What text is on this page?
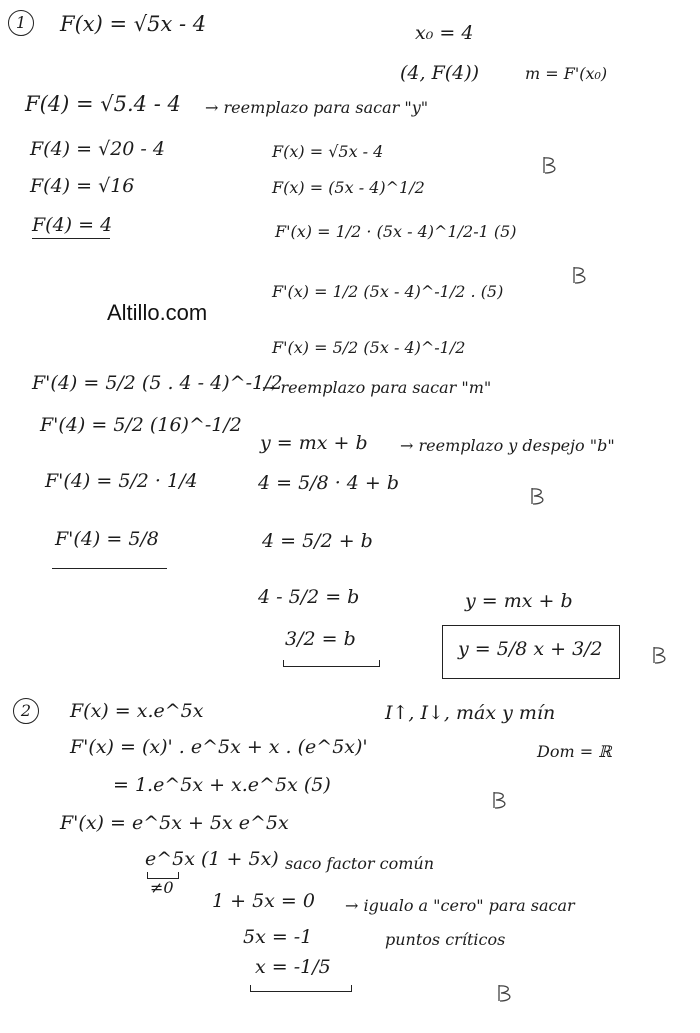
1	F(x) = √5x - 4	x₀ = 4
(4, F(4))	m = F'(x₀)
F(4) = √5.4 - 4 → reemplazo para sacar "y"
F(4) = √20 - 4
F(4) = √16
F(4) = 4
F(x) = √5x - 4
F(x) = (5x - 4)^1/2
F'(x) = 1/2 · (5x - 4)^1/2-1 (5)
F'(x) = 1/2 (5x - 4)^-1/2 . (5)
F'(x) = 5/2 (5x - 4)^-1/2
Altillo.com
F'(4) = 5/2 (5 . 4 - 4)^-1/2
→ reemplazo para sacar "m"
F'(4) = 5/2 (16)^-1/2
F'(4) = 5/2 · 1/4
F'(4) = 5/8
y = mx + b → reemplazo y despejo "b"
4 = 5/8 · 4 + b
4 = 5/2 + b
4 - 5/2 = b
3/2 = b
y = mx + b
y = 5/8 x + 3/2
2	F(x) = x.e^5x	I↑, I↓, máx y mín
Dom = ℝ
F'(x) = (x)' . e^5x + x . (e^5x)'
= 1.e^5x + x.e^5x (5)
F'(x) = e^5x + 5x e^5x
e^5x (1 + 5x) saco factor común
≠0
1 + 5x = 0 → igualo a "cero" para sacar
puntos críticos
5x = -1
x = -1/5
